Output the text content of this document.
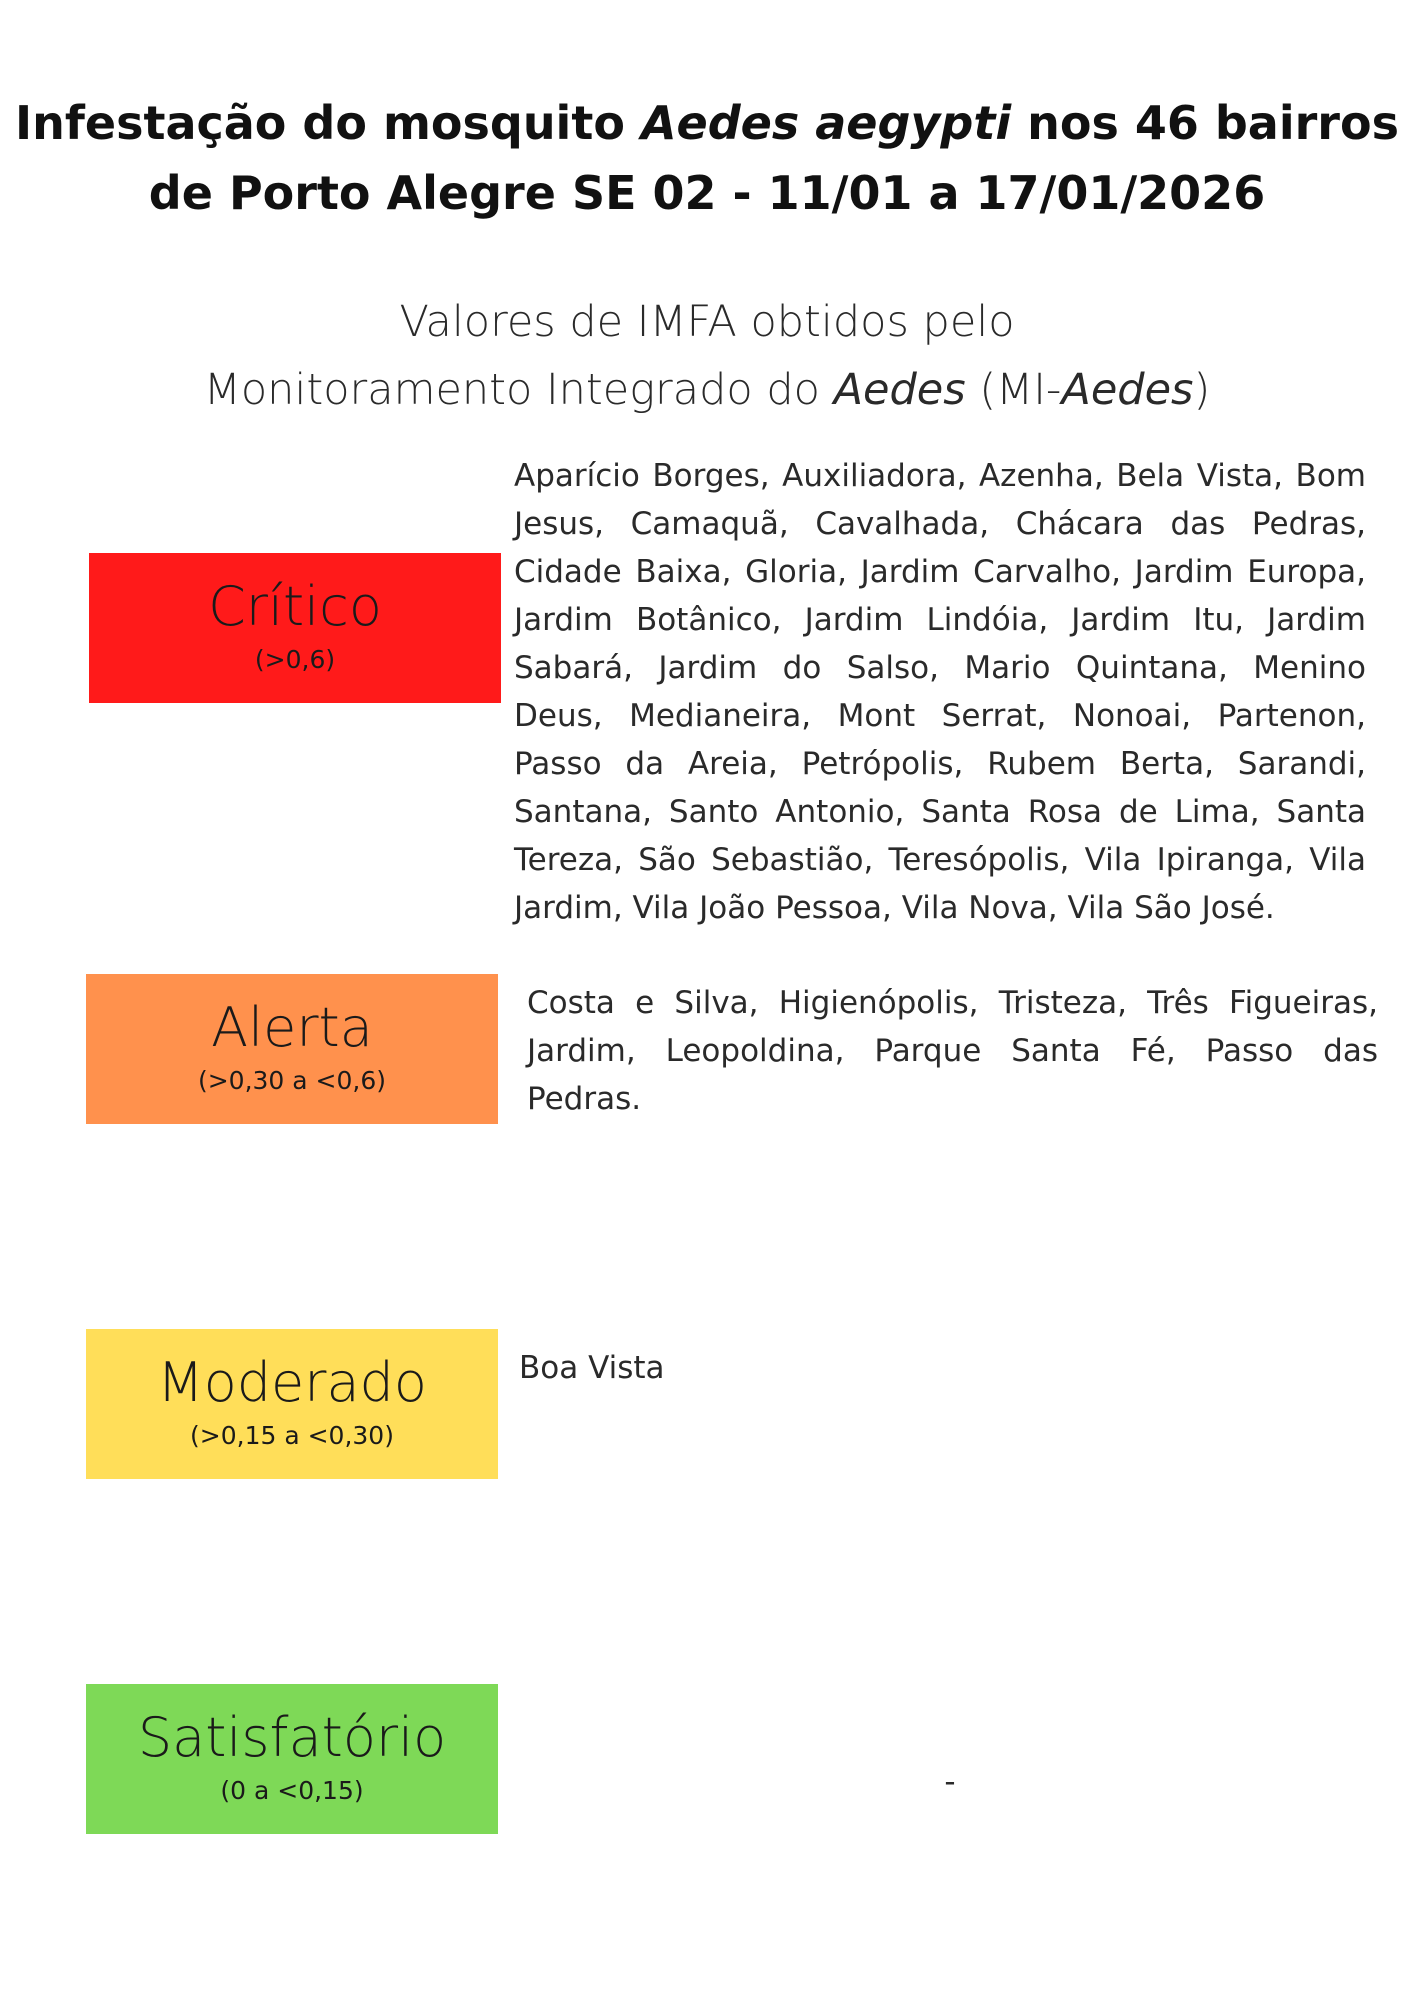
Infestação do mosquito Aedes aegypti nos 46 bairros
de Porto Alegre SE 02 - 11/01 a 17/01/2026
Valores de IMFA obtidos pelo
Monitoramento Integrado do Aedes (MI-Aedes)
Crítico
(>0,6)

Aparício Borges, Auxiliadora, Azenha, Bela Vista, Bom Jesus, Camaquã, Cavalhada, Chácara das Pedras, Cidade Baixa, Gloria, Jardim Carvalho, Jardim Europa, Jardim Botânico, Jardim Lindóia, Jardim Itu, Jardim Sabará, Jardim do Salso, Mario Quintana, Menino Deus, Medianeira, Mont Serrat, Nonoai, Partenon, Passo da Areia, Petrópolis, Rubem Berta, Sarandi, Santana, Santo Antonio, Santa Rosa de Lima, Santa Tereza, São Sebastião, Teresópolis, Vila Ipiranga, Vila Jardim, Vila João Pessoa, Vila Nova, Vila São José.

Alerta
(>0,30 a <0,6)

Costa e Silva, Higienópolis, Tristeza, Três Figueiras, Jardim, Leopoldina, Parque Santa Fé, Passo das Pedras.

Moderado
(>0,15 a <0,30)

Boa Vista

Satisfatório
(0 a <0,15)	-
